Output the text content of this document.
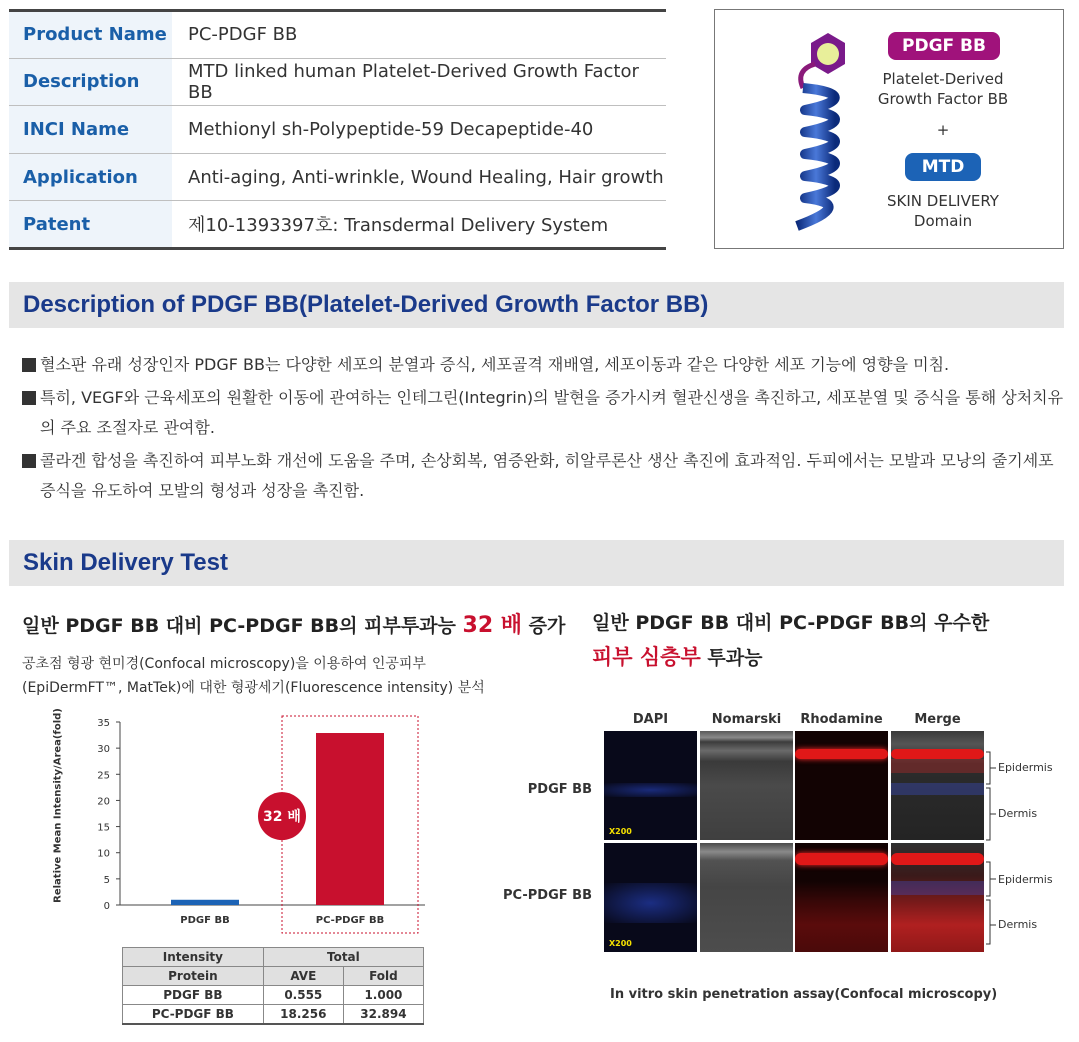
Product Name	PC-PDGF BB
Description	MTD linked human Platelet-Derived Growth Factor BB
INCI Name	Methionyl sh-Polypeptide-59 Decapeptide-40
Application	Anti-aging, Anti-wrinkle, Wound Healing, Hair growth
Patent	제10-1393397호: Transdermal Delivery System
PDGF BB
Platelet-Derived
Growth Factor BB
+
MTD
SKIN DELIVERY
Domain
Description of PDGF BB(Platelet-Derived Growth Factor BB)
혈소판 유래 성장인자 PDGF BB는 다양한 세포의 분열과 증식, 세포골격 재배열, 세포이동과 같은 다양한 세포 기능에 영향을 미침.
특히, VEGF와 근육세포의 원활한 이동에 관여하는 인테그린(Integrin)의 발현을 증가시켜 혈관신생을 촉진하고, 세포분열 및 증식을 통해 상처치유의 주요 조절자로 관여함.
콜라겐 합성을 촉진하여 피부노화 개선에 도움을 주며, 손상회복, 염증완화, 히알루론산 생산 촉진에 효과적임. 두피에서는 모발과 모낭의 줄기세포 증식을 유도하여 모발의 형성과 성장을 촉진함.
Skin Delivery Test
일반 PDGF BB 대비 PC-PDGF BB의 피부투과능 32 배 증가
공초점 형광 현미경(Confocal microscopy)을 이용하여 인공피부
(EpiDermFT™, MatTek)에 대한 형광세기(Fluorescence intensity) 분석
일반 PDGF BB 대비 PC-PDGF BB의 우수한
피부 심층부 투과능
Relative Mean Intensity/Area(fold)
0
5
10
15
20
25
30
35
PDGF BB	PC-PDGF BB
32 배
Intensity	Total	
Protein	AVE	Fold
PDGF BB	0.555	1.000
PC-PDGF BB	18.256	32.894
DAPI	Nomarski	Rhodamine	Merge
PDGF BB
PC-PDGF BB
X200
X200
Epidermis
Dermis
Epidermis
Dermis
In vitro skin penetration assay(Confocal microscopy)
